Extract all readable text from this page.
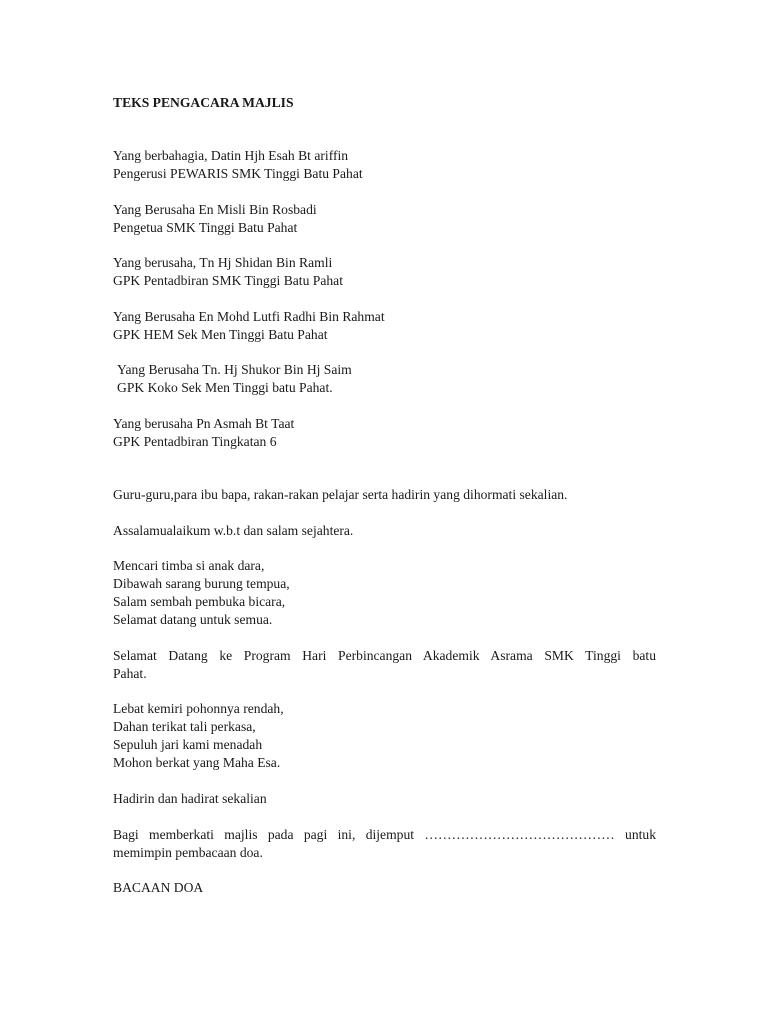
TEKS PENGACARA MAJLIS
Yang berbahagia, Datin Hjh Esah Bt ariffin
Pengerusi PEWARIS SMK Tinggi Batu Pahat
Yang Berusaha En Misli Bin Rosbadi
Pengetua SMK Tinggi Batu Pahat
Yang berusaha, Tn Hj Shidan Bin Ramli
GPK Pentadbiran SMK Tinggi Batu Pahat
Yang Berusaha En Mohd Lutfi Radhi Bin Rahmat
GPK HEM Sek Men Tinggi Batu Pahat
Yang Berusaha Tn. Hj Shukor Bin Hj Saim
GPK Koko Sek Men Tinggi batu Pahat.
Yang berusaha Pn Asmah Bt Taat
GPK Pentadbiran Tingkatan 6
Guru-guru,para ibu bapa, rakan-rakan pelajar serta hadirin yang dihormati sekalian.
Assalamualaikum w.b.t dan salam sejahtera.
Mencari timba si anak dara,
Dibawah sarang burung tempua,
Salam sembah pembuka bicara,
Selamat datang untuk semua.
Selamat Datang ke Program Hari Perbincangan Akademik Asrama SMK Tinggi batu
Pahat.
Lebat kemiri pohonnya rendah,
Dahan terikat tali perkasa,
Sepuluh jari kami menadah
Mohon berkat yang Maha Esa.
Hadirin dan hadirat sekalian
Bagi memberkati majlis pada pagi ini, dijemput …………………………………… untuk
memimpin pembacaan doa.
BACAAN DOA
